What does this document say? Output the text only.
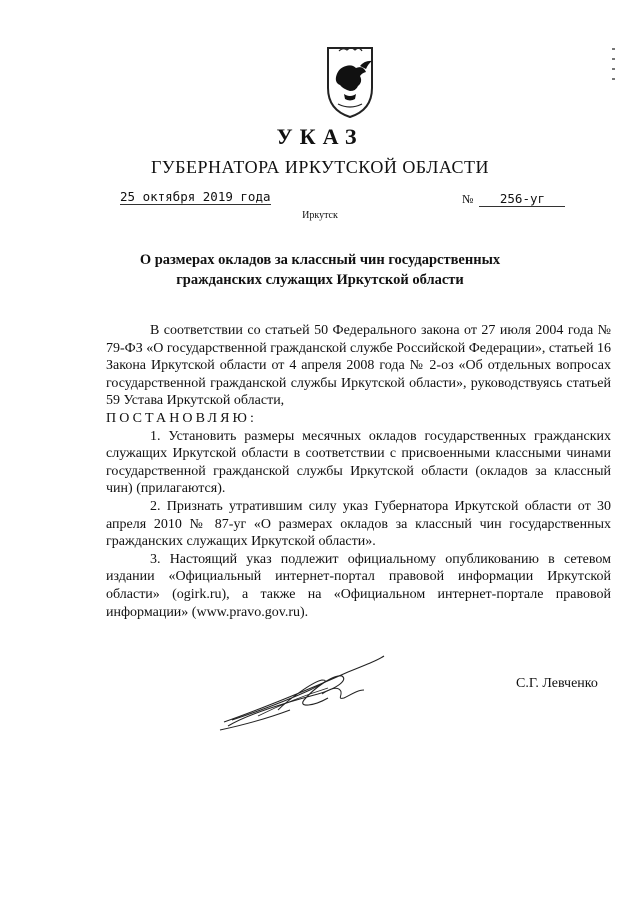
УКАЗ
ГУБЕРНАТОРА ИРКУТСКОЙ ОБЛАСТИ
25 октября 2019 года	№ 256-уг
Иркутск
О размерах окладов за классный чин государственных гражданских служащих Иркутской области

В соответствии со статьей 50 Федерального закона от 27 июля 2004 года № 79-ФЗ «О государственной гражданской службе Российской Федерации», статьей 16 Закона Иркутской области от 4 апреля 2008 года № 2-оз «Об отдельных вопросах государственной гражданской службы Иркутской области», руководствуясь статьей 59 Устава Иркутской области,

ПОСТАНОВЛЯЮ:

1. Установить размеры месячных окладов государственных гражданских служащих Иркутской области в соответствии с присвоенными классными чинами государственной гражданской службы Иркутской области (окладов за классный чин) (прилагаются).

2. Признать утратившим силу указ Губернатора Иркутской области от 30 апреля 2010 № 87-уг «О размерах окладов за классный чин государственных гражданских служащих Иркутской области».

3. Настоящий указ подлежит официальному опубликованию в сетевом издании «Официальный интернет-портал правовой информации Иркутской области» (ogirk.ru), а также на «Официальном интернет-портале правовой информации» (www.pravo.gov.ru).

С.Г. Левченко
